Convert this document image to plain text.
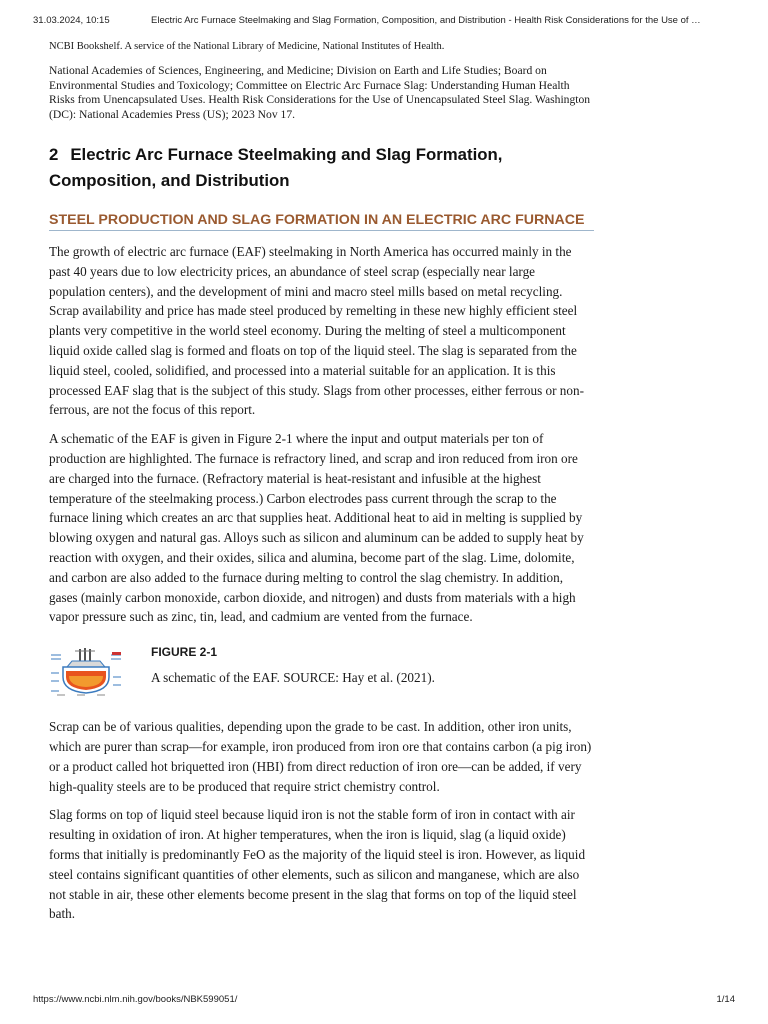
31.03.2024, 10:15	Electric Arc Furnace Steelmaking and Slag Formation, Composition, and Distribution - Health Risk Considerations for the Use of …
NCBI Bookshelf. A service of the National Library of Medicine, National Institutes of Health.
National Academies of Sciences, Engineering, and Medicine; Division on Earth and Life Studies; Board on Environmental Studies and Toxicology; Committee on Electric Arc Furnace Slag: Understanding Human Health Risks from Unencapsulated Uses. Health Risk Considerations for the Use of Unencapsulated Steel Slag. Washington (DC): National Academies Press (US); 2023 Nov 17.
2 Electric Arc Furnace Steelmaking and Slag Formation, Composition, and Distribution
STEEL PRODUCTION AND SLAG FORMATION IN AN ELECTRIC ARC FURNACE

The growth of electric arc furnace (EAF) steelmaking in North America has occurred mainly in the past 40 years due to low electricity prices, an abundance of steel scrap (especially near large population centers), and the development of mini and macro steel mills based on metal recycling. Scrap availability and price has made steel produced by remelting in these new highly efficient steel plants very competitive in the world steel economy. During the melting of steel a multicomponent liquid oxide called slag is formed and floats on top of the liquid steel. The slag is separated from the liquid steel, cooled, solidified, and processed into a material suitable for an application. It is this processed EAF slag that is the subject of this study. Slags from other processes, either ferrous or non-ferrous, are not the focus of this report.

A schematic of the EAF is given in Figure 2-1 where the input and output materials per ton of production are highlighted. The furnace is refractory lined, and scrap and iron reduced from iron ore are charged into the furnace. (Refractory material is heat-resistant and infusible at the highest temperature of the steelmaking process.) Carbon electrodes pass current through the scrap to the furnace lining which creates an arc that supplies heat. Additional heat to aid in melting is supplied by blowing oxygen and natural gas. Alloys such as silicon and aluminum can be added to supply heat by reaction with oxygen, and their oxides, silica and alumina, become part of the slag. Lime, dolomite, and carbon are also added to the furnace during melting to control the slag chemistry. In addition, gases (mainly carbon monoxide, carbon dioxide, and nitrogen) and dusts from materials with a high vapor pressure such as zinc, tin, lead, and cadmium are vented from the furnace.

FIGURE 2-1
A schematic of the EAF. SOURCE: Hay et al. (2021).

Scrap can be of various qualities, depending upon the grade to be cast. In addition, other iron units, which are purer than scrap—for example, iron produced from iron ore that contains carbon (a pig iron) or a product called hot briquetted iron (HBI) from direct reduction of iron ore—can be added, if very high-quality steels are to be produced that require strict chemistry control.

Slag forms on top of liquid steel because liquid iron is not the stable form of iron in contact with air resulting in oxidation of iron. At higher temperatures, when the iron is liquid, slag (a liquid oxide) forms that initially is predominantly FeO as the majority of the liquid steel is iron. However, as liquid steel contains significant quantities of other elements, such as silicon and manganese, which are also not stable in air, these other elements become present in the slag that forms on top of the liquid steel bath.

https://www.ncbi.nlm.nih.gov/books/NBK599051/	1/14
